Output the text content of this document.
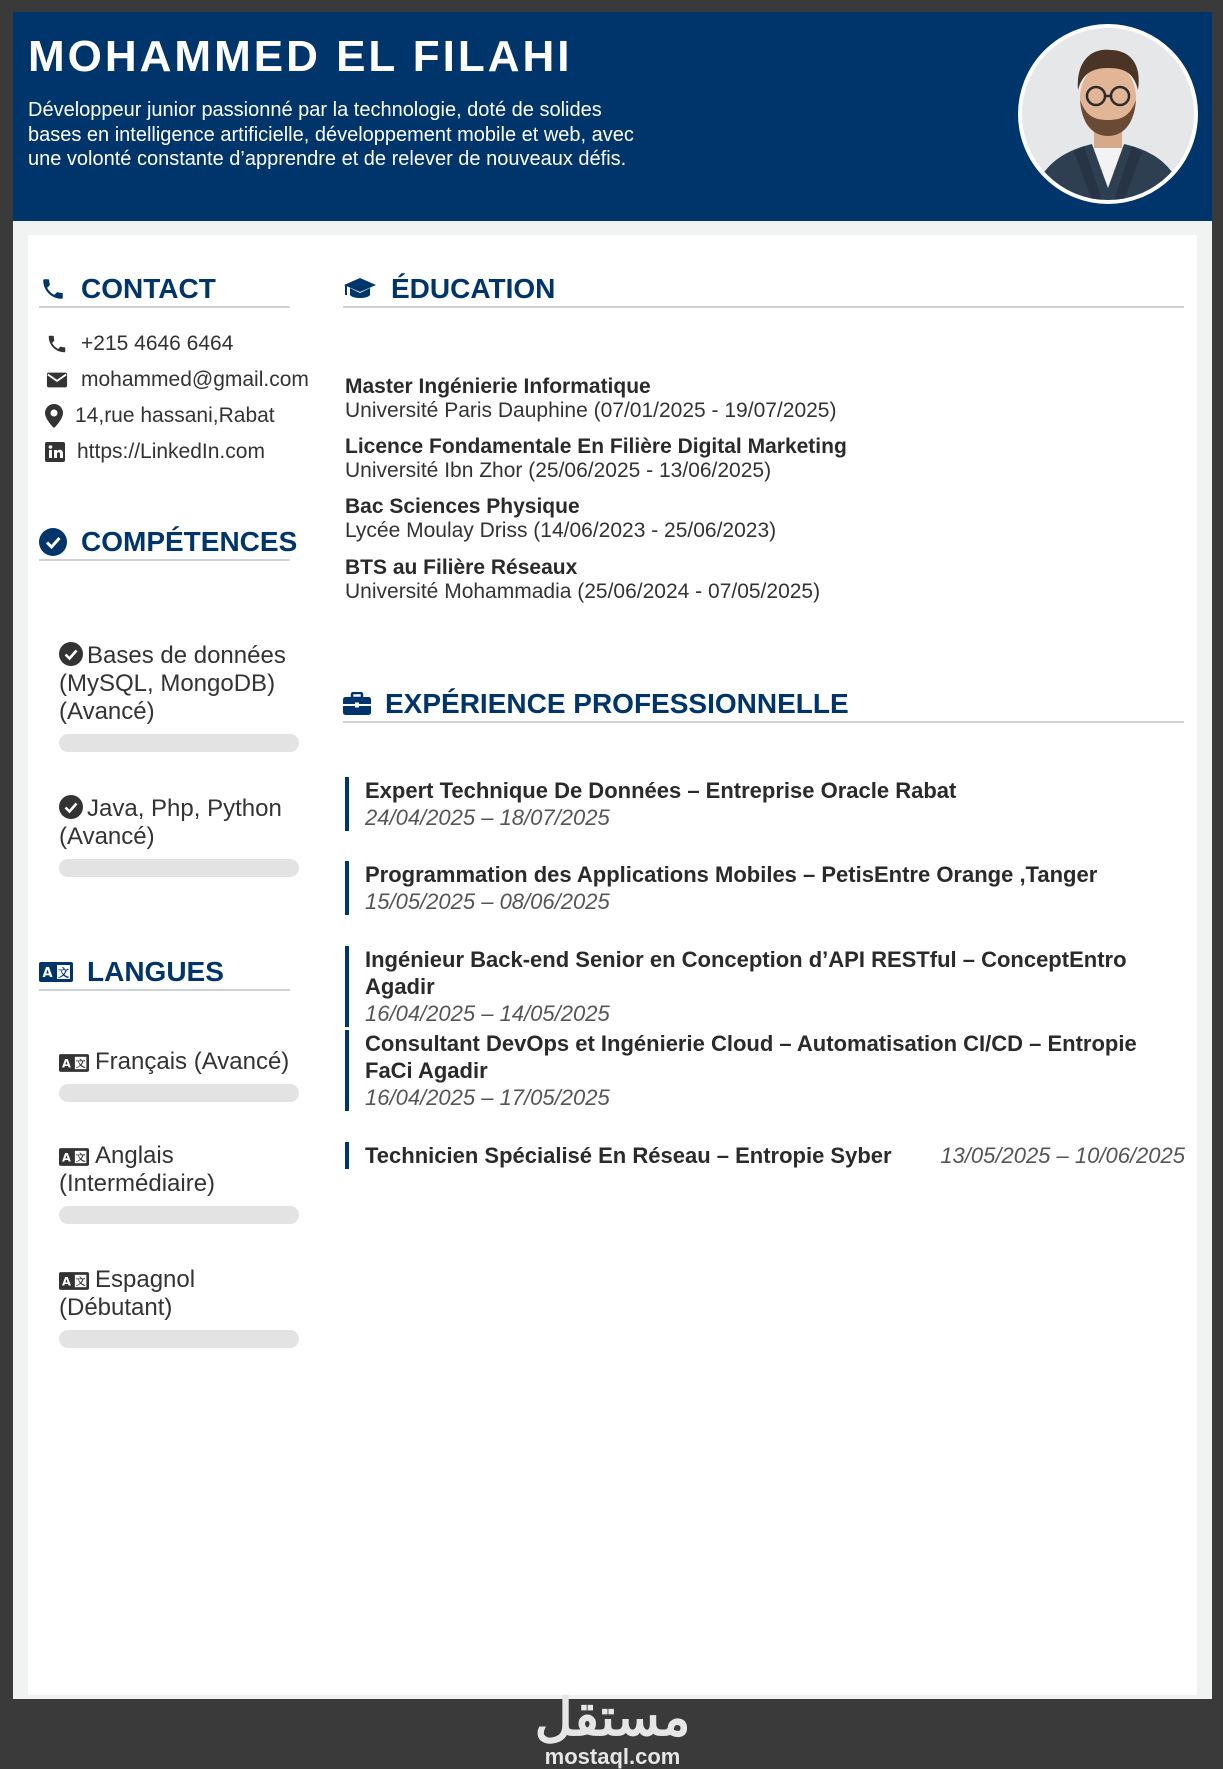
MOHAMMED EL FILAHI

Développeur junior passionné par la technologie, doté de solides bases en intelligence artificielle, développement mobile et web, avec une volonté constante d’apprendre et de relever de nouveaux défis.

CONTACT
+215 4646 6464
mohammed@gmail.com
14,rue hassani,Rabat
https://LinkedIn.com
COMPÉTENCES
Bases de données (MySQL, MongoDB) (Avancé)
Java, Php, Python (Avancé)
A 文 LANGUES
A 文 Français (Avancé)
A 文 Anglais (Intermédiaire)
A 文 Espagnol (Débutant)
ÉDUCATION
Master Ingénierie Informatique
Université Paris Dauphine (07/01/2025 - 19/07/2025)
Licence Fondamentale En Filière Digital Marketing
Université Ibn Zhor (25/06/2025 - 13/06/2025)
Bac Sciences Physique
Lycée Moulay Driss (14/06/2023 - 25/06/2023)
BTS au Filière Réseaux
Université Mohammadia (25/06/2024 - 07/05/2025)
EXPÉRIENCE PROFESSIONNELLE
Expert Technique De Données – Entreprise Oracle Rabat
24/04/2025 – 18/07/2025
Programmation des Applications Mobiles – PetisEntre Orange ,Tanger
15/05/2025 – 08/06/2025
Ingénieur Back-end Senior en Conception d’API RESTful – ConceptEntro Agadir
16/04/2025 – 14/05/2025
Consultant DevOps et Ingénierie Cloud – Automatisation CI/CD – Entropie FaCi Agadir
16/04/2025 – 17/05/2025
Technicien Spécialisé En Réseau – Entropie Syber 13/05/2025 – 10/06/2025
مستقل
mostaql.com
